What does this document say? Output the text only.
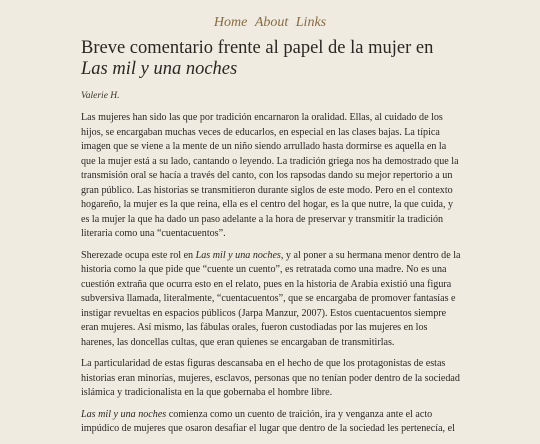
Home About Links
Breve comentario frente al papel de la mujer en Las mil y una noches

Valerie H.

Las mujeres han sido las que por tradición encarnaron la oralidad. Ellas, al cuidado de los hijos, se encargaban muchas veces de educarlos, en especial en las clases bajas. La típica imagen que se viene a la mente de un niño siendo arrullado hasta dormirse es aquella en la que la mujer está a su lado, cantando o leyendo. La tradición griega nos ha demostrado que la transmisión oral se hacía a través del canto, con los rapsodas dando su mejor repertorio a un gran público. Las historias se transmitieron durante siglos de este modo. Pero en el contexto hogareño, la mujer es la que reina, ella es el centro del hogar, es la que nutre, la que cuida, y es la mujer la que ha dado un paso adelante a la hora de preservar y transmitir la tradición literaria como una “cuentacuentos”.

Sherezade ocupa este rol en Las mil y una noches, y al poner a su hermana menor dentro de la historia como la que pide que “cuente un cuento”, es retratada como una madre. No es una cuestión extraña que ocurra esto en el relato, pues en la historia de Arabia existió una figura subversiva llamada, literalmente, “cuentacuentos”, que se encargaba de promover fantasías e instigar revueltas en espacios públicos (Jarpa Manzur, 2007). Estos cuentacuentos siempre eran mujeres. Así mismo, las fábulas orales, fueron custodiadas por las mujeres en los harenes, las doncellas cultas, que eran quienes se encargaban de transmitirlas.

La particularidad de estas figuras descansaba en el hecho de que los protagonistas de estas historias eran minorías, mujeres, esclavos, personas que no tenían poder dentro de la sociedad islámica y tradicionalista en la que gobernaba el hombre libre.

Las mil y una noches comienza como un cuento de traición, ira y venganza ante el acto impúdico de mujeres que osaron desafiar el lugar que dentro de la sociedad les pertenecía, el
